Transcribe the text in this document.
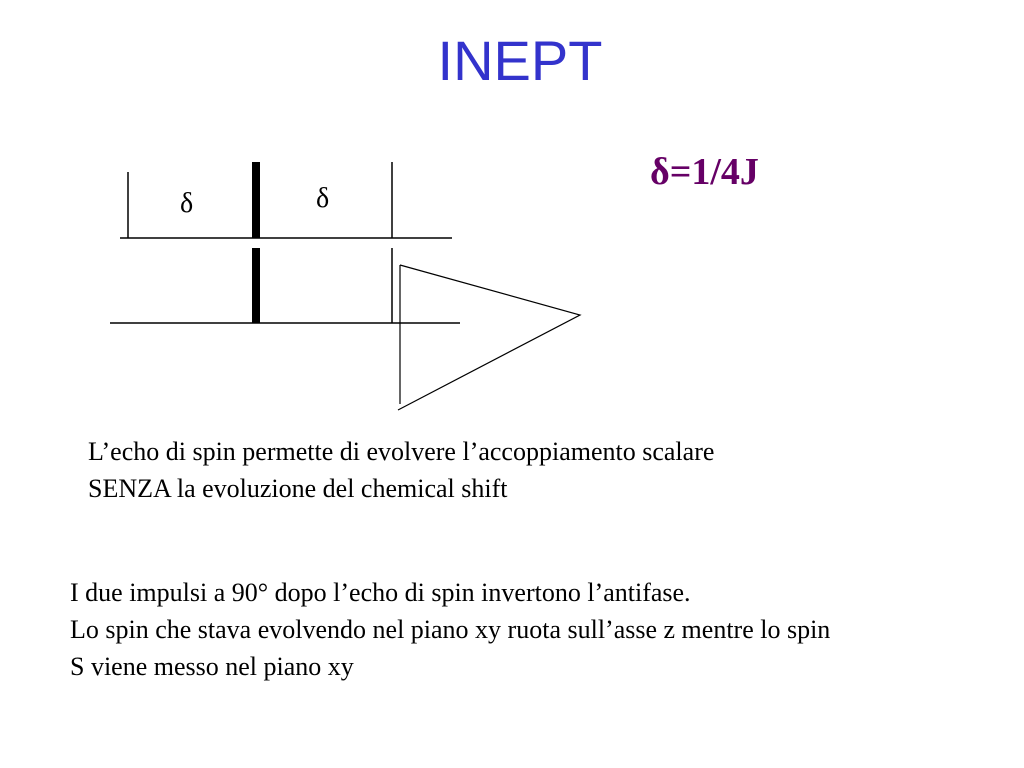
INEPT
δ=1/4J
δ	δ
L’echo di spin permette di evolvere l’accoppiamento scalare
SENZA la evoluzione del chemical shift
I due impulsi a 90° dopo l’echo di spin invertono l’antifase.
Lo spin che stava evolvendo nel piano xy ruota sull’asse z mentre lo spin
S viene messo nel piano xy
